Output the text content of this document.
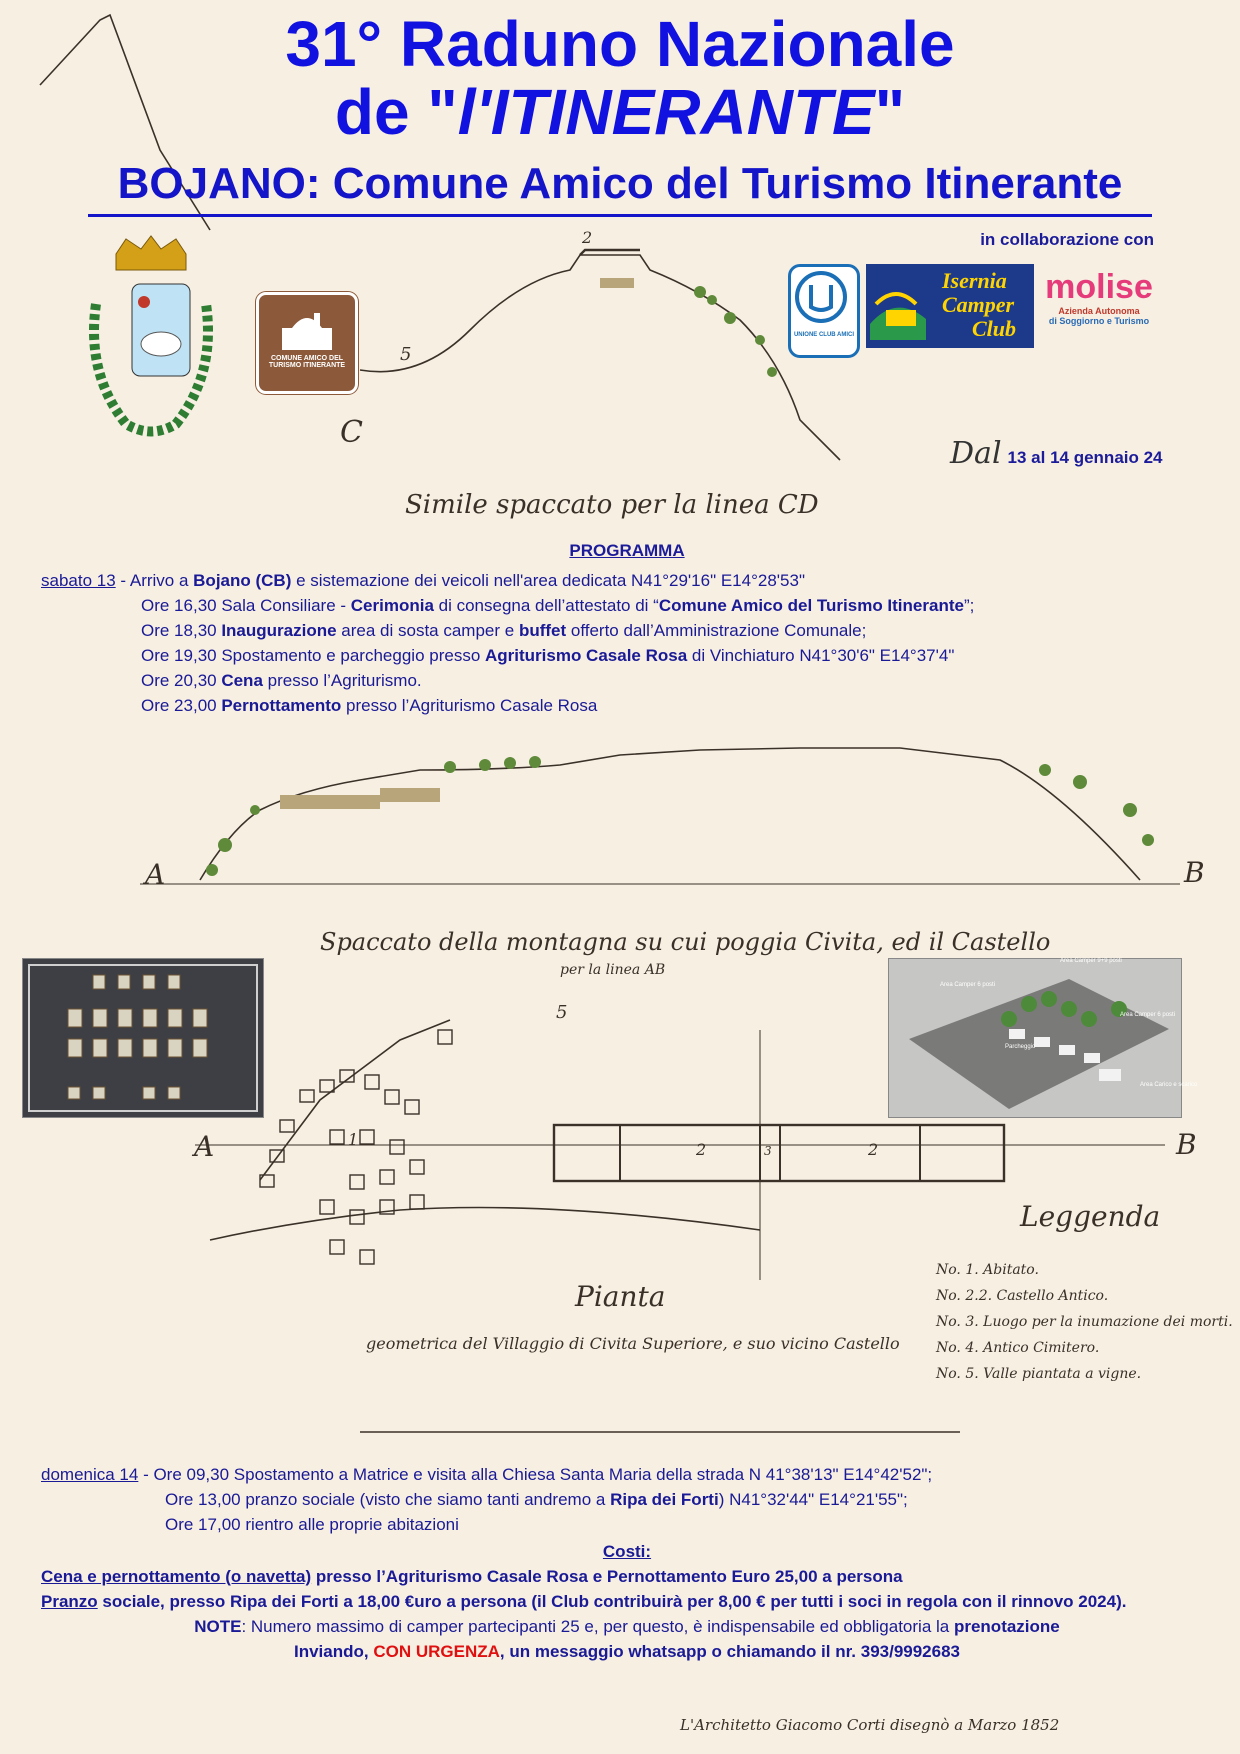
31° Raduno Nazionale
de "l'ITINERANTE"
BOJANO: Comune Amico del Turismo Itinerante
in collaborazione con
COMUNE AMICO DEL
TURISMO ITINERANTE
UNIONE CLUB AMICI
Isernia
Camper
Club
molise
Azienda Autonoma
di Soggiorno e Turismo
C
5
2
Simile spaccato per la linea CD
A	B
Spaccato della montagna su cui poggia Civita, ed il Castello
per la linea AB
A	B
5
2	3	2
1
Pianta
geometrica del Villaggio di Civita Superiore, e suo vicino Castello
Leggenda
No. 1. Abitato.
No. 2.2. Castello Antico.
No. 3. Luogo per la inumazione dei morti.
No. 4. Antico Cimitero.
No. 5. Valle piantata a vigne.
L'Architetto Giacomo Corti disegnò a Marzo 1852
Dal 13 al 14 gennaio 24
Area Camper 9+9 posti
Area Camper 6 posti
Area Camper 6 posti
Parcheggio
Area Carico e scarico
PROGRAMMA
sabato 13 - Arrivo a Bojano (CB) e sistemazione dei veicoli nell'area dedicata N41°29'16" E14°28'53"
Ore 16,30 Sala Consiliare - Cerimonia di consegna dell’attestato di “Comune Amico del Turismo Itinerante”;
Ore 18,30 Inaugurazione area di sosta camper e buffet offerto dall’Amministrazione Comunale;
Ore 19,30 Spostamento e parcheggio presso Agriturismo Casale Rosa di Vinchiaturo N41°30'6" E14°37'4"
Ore 20,30 Cena presso l’Agriturismo.
Ore 23,00 Pernottamento presso l’Agriturismo Casale Rosa
domenica 14 - Ore 09,30 Spostamento a Matrice e visita alla Chiesa Santa Maria della strada N 41°38'13" E14°42'52";
Ore 13,00 pranzo sociale (visto che siamo tanti andremo a Ripa dei Forti) N41°32'44" E14°21'55";
Ore 17,00 rientro alle proprie abitazioni
Costi:
Cena e pernottamento (o navetta) presso l’Agriturismo Casale Rosa e Pernottamento Euro 25,00 a persona
Pranzo sociale, presso Ripa dei Forti a 18,00 €uro a persona (il Club contribuirà per 8,00 € per tutti i soci in regola con il rinnovo 2024).
NOTE: Numero massimo di camper partecipanti 25 e, per questo, è indispensabile ed obbligatoria la prenotazione
Inviando, CON URGENZA, un messaggio whatsapp o chiamando il nr. 393/9992683
